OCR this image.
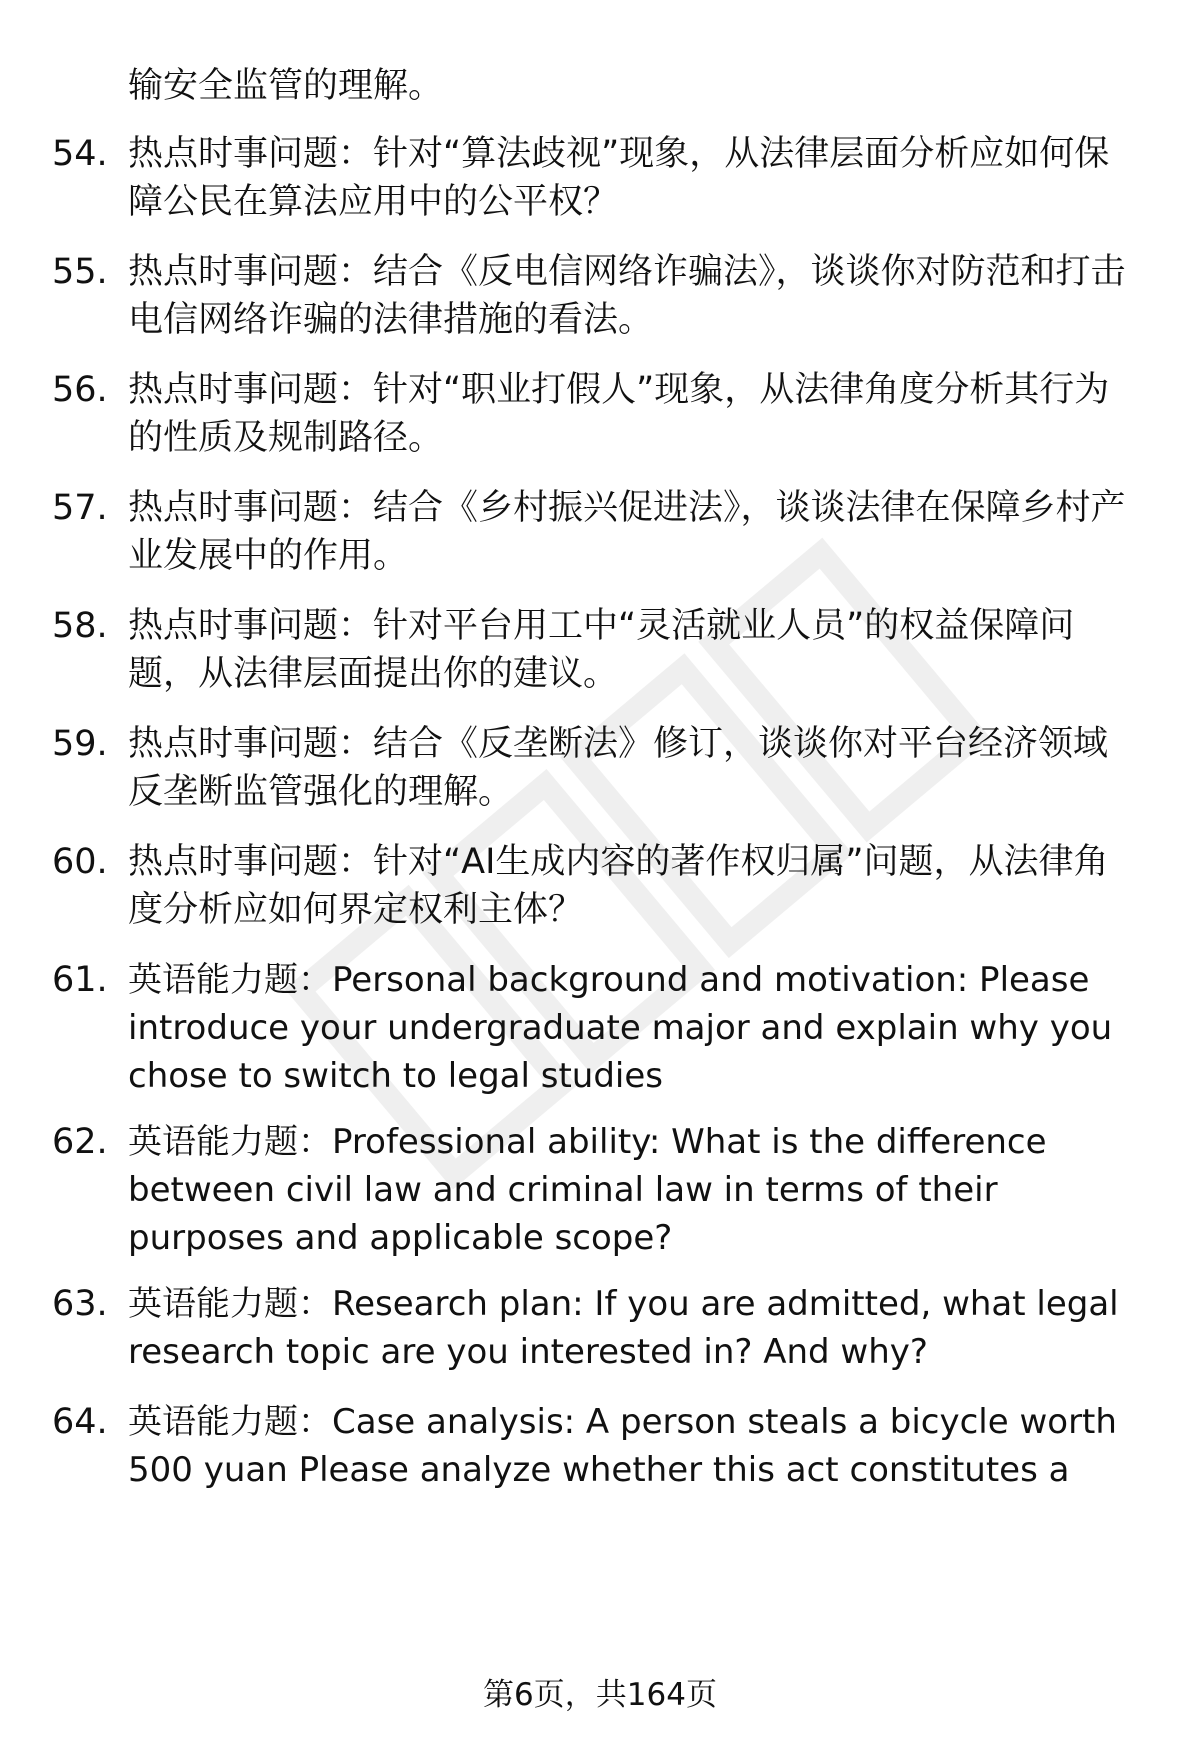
输安全监管的理解。

54. 热点时事问题：针对“算法歧视”现象，从法律层面分析应如何保障公民在算法应用中的公平权？

55. 热点时事问题：结合《反电信网络诈骗法》，谈谈你对防范和打击电信网络诈骗的法律措施的看法。

56. 热点时事问题：针对“职业打假人”现象，从法律角度分析其行为的性质及规制路径。

57. 热点时事问题：结合《乡村振兴促进法》，谈谈法律在保障乡村产业发展中的作用。

58. 热点时事问题：针对平台用工中“灵活就业人员”的权益保障问题，从法律层面提出你的建议。

59. 热点时事问题：结合《反垄断法》修订，谈谈你对平台经济领域反垄断监管强化的理解。

60. 热点时事问题：针对“AI生成内容的著作权归属”问题，从法律角度分析应如何界定权利主体？

61. 英语能力题：Personal background and motivation: Please introduce your undergraduate major and explain why you chose to switch to legal studies

62. 英语能力题：Professional ability: What is the difference between civil law and criminal law in terms of their purposes and applicable scope?

63. 英语能力题：Research plan: If you are admitted, what legal research topic are you interested in? And why?

64. 英语能力题：Case analysis: A person steals a bicycle worth 500 yuan Please analyze whether this act constitutes a

第6页，共164页
